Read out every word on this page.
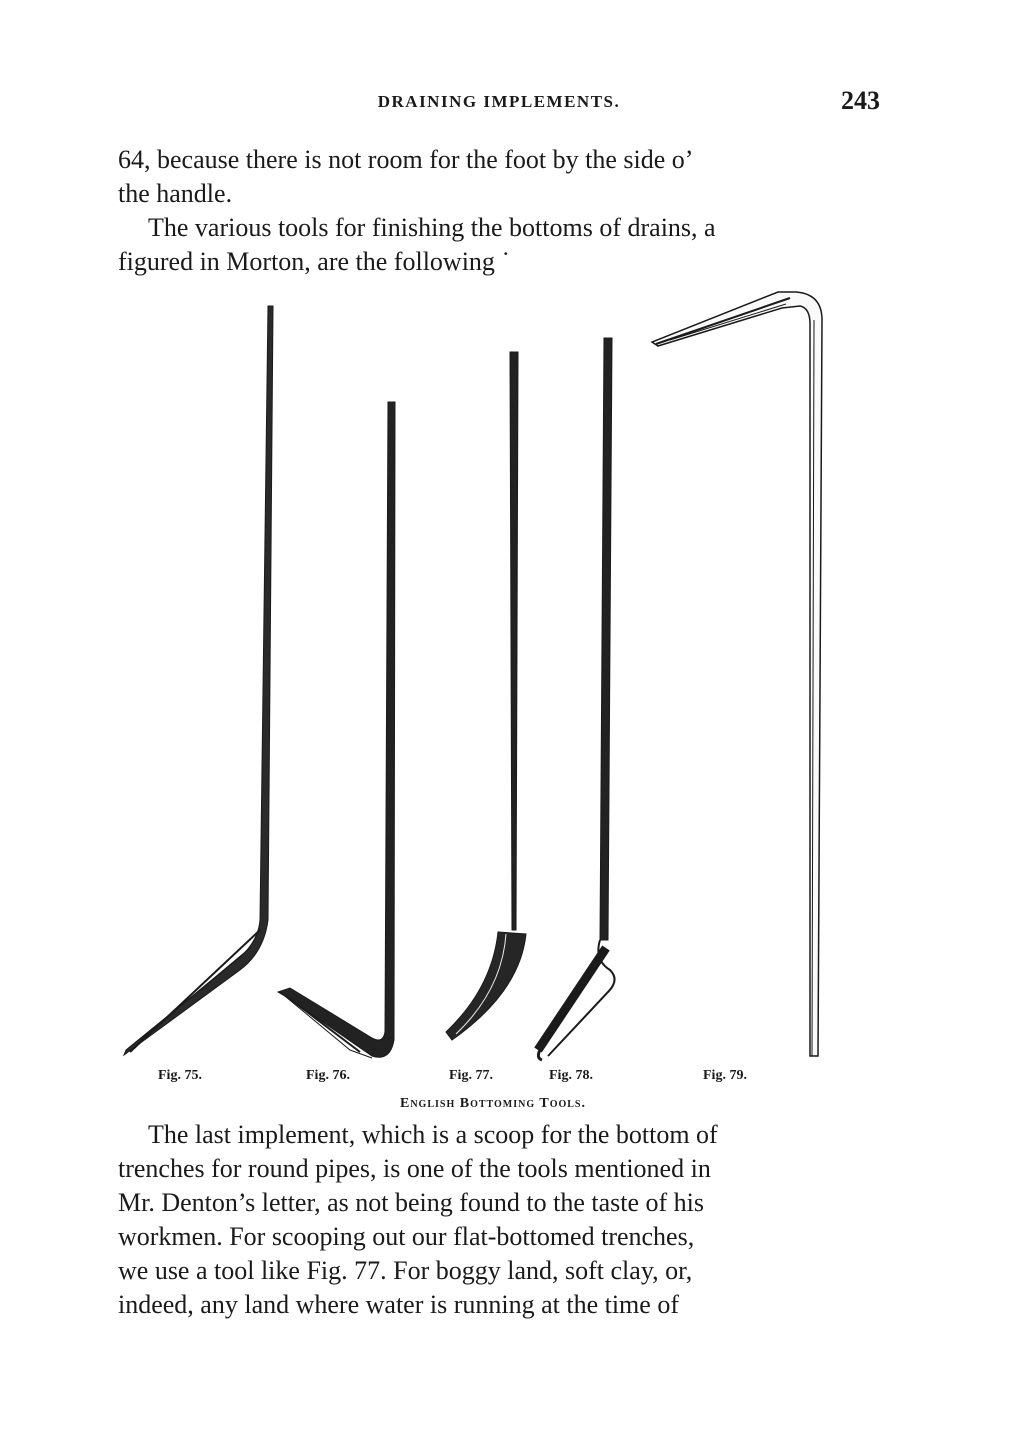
DRAINING IMPLEMENTS.	243

64, because there is not room for the foot by the side o’
the handle.

The various tools for finishing the bottoms of drains, a
figured in Morton, are the following ˙

Fig. 75.	Fig. 76.	Fig. 77.	Fig. 78.	Fig. 79.
English Bottoming Tools.

The last implement, which is a scoop for the bottom of
trenches for round pipes, is one of the tools mentioned in
Mr. Denton’s letter, as not being found to the taste of his
workmen. For scooping out our flat-bottomed trenches,
we use a tool like Fig. 77. For boggy land, soft clay, or,
indeed, any land where water is running at the time of
